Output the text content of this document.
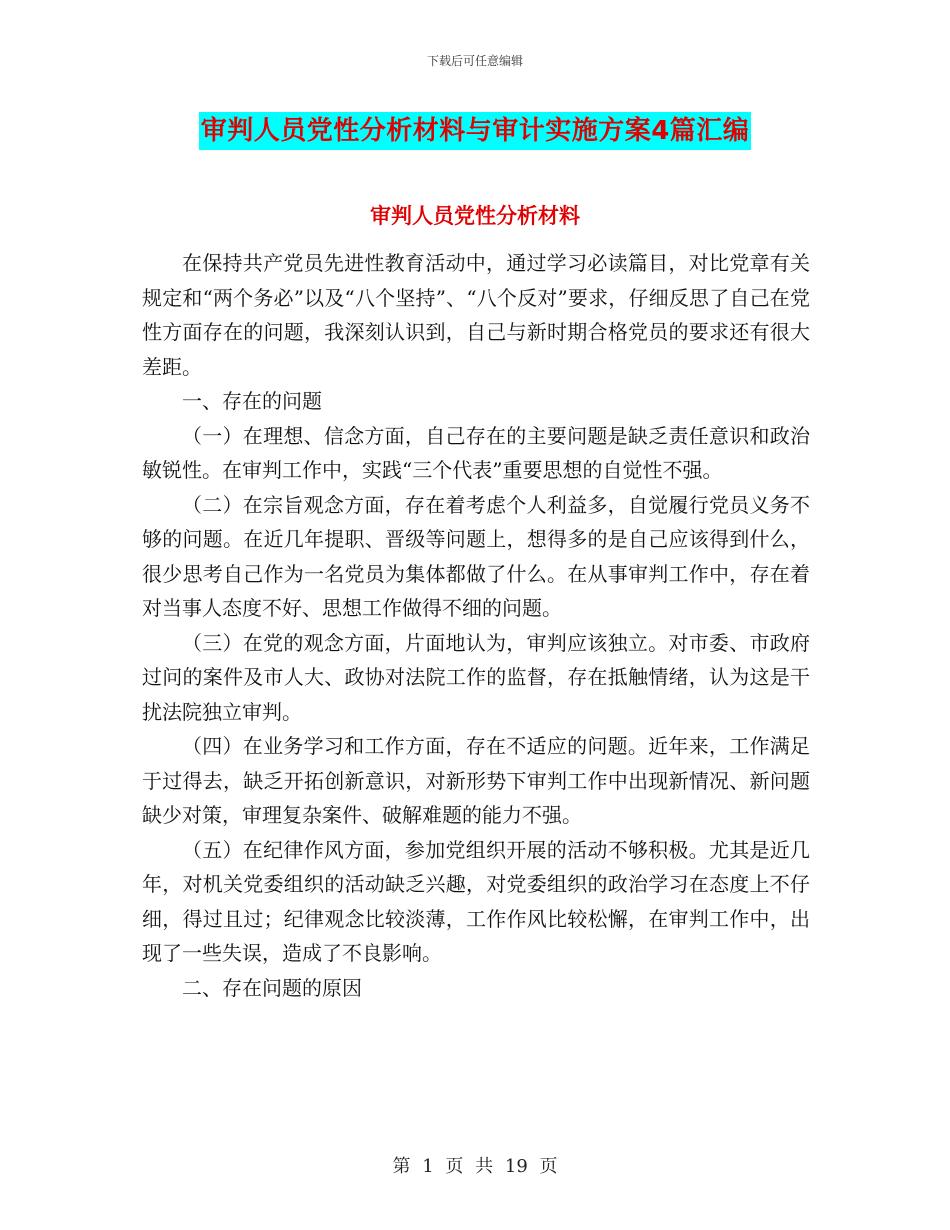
下载后可任意编辑
审判人员党性分析材料与审计实施方案4篇汇编
审判人员党性分析材料

在保持共产党员先进性教育活动中，通过学习必读篇目，对比党章有关规定和“两个务必”以及“八个坚持”、“八个反对”要求，仔细反思了自己在党性方面存在的问题，我深刻认识到，自己与新时期合格党员的要求还有很大差距。

一、存在的问题

（一）在理想、信念方面，自己存在的主要问题是缺乏责任意识和政治敏锐性。在审判工作中，实践“三个代表”重要思想的自觉性不强。

（二）在宗旨观念方面，存在着考虑个人利益多，自觉履行党员义务不够的问题。在近几年提职、晋级等问题上，想得多的是自己应该得到什么，很少思考自己作为一名党员为集体都做了什么。在从事审判工作中，存在着对当事人态度不好、思想工作做得不细的问题。

（三）在党的观念方面，片面地认为，审判应该独立。对市委、市政府过问的案件及市人大、政协对法院工作的监督，存在抵触情绪，认为这是干扰法院独立审判。

（四）在业务学习和工作方面，存在不适应的问题。近年来，工作满足于过得去，缺乏开拓创新意识，对新形势下审判工作中出现新情况、新问题缺少对策，审理复杂案件、破解难题的能力不强。

（五）在纪律作风方面，参加党组织开展的活动不够积极。尤其是近几年，对机关党委组织的活动缺乏兴趣，对党委组织的政治学习在态度上不仔细，得过且过；纪律观念比较淡薄，工作作风比较松懈，在审判工作中，出现了一些失误，造成了不良影响。

二、存在问题的原因

第 1 页 共 19 页
